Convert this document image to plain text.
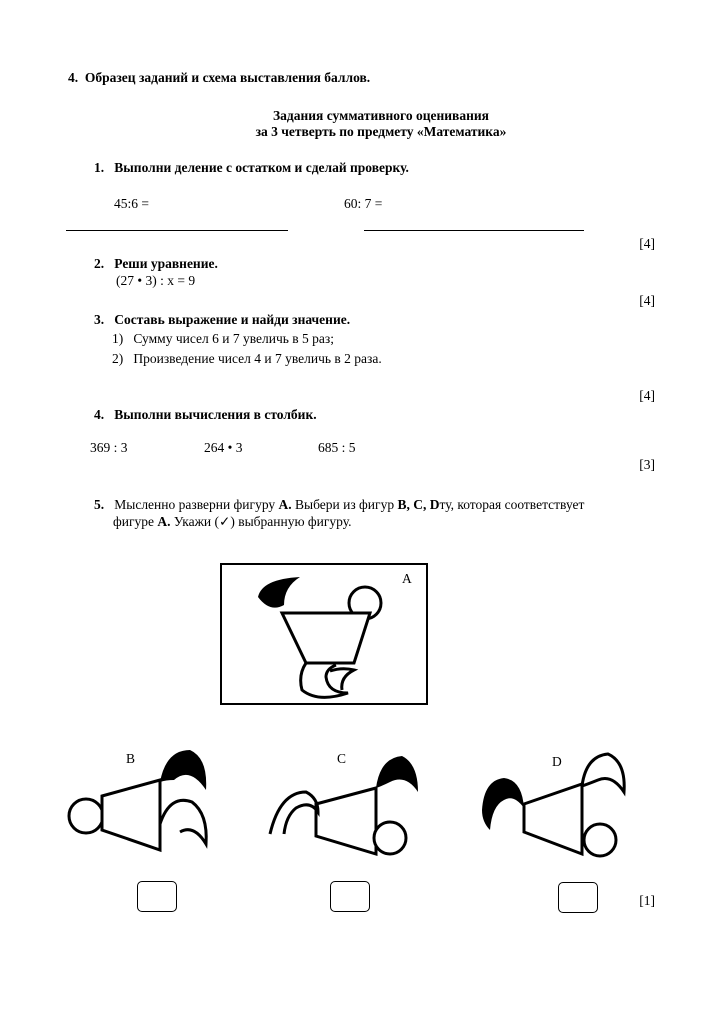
4. Образец заданий и схема выставления баллов.
Задания суммативного оценивания
за 3 четверть по предмету «Математика»
1. Выполни деление с остатком и сделай проверку.
45:6 =	60: 7 =
[4]
2. Реши уравнение.
(27 • 3) : х = 9
[4]
3. Составь выражение и найди значение.
1) Сумму чисел 6 и 7 увеличь в 5 раз;
2) Произведение чисел 4 и 7 увеличь в 2 раза.
[4]
4. Выполни вычисления в столбик.
369 : 3	264 • 3	685 : 5
[3]
5. Мысленно разверни фигуру А. Выбери из фигур В, С, Dту, которая соответствует
фигуре А. Укажи (✓) выбранную фигуру.
А
В	С	D
[1]
